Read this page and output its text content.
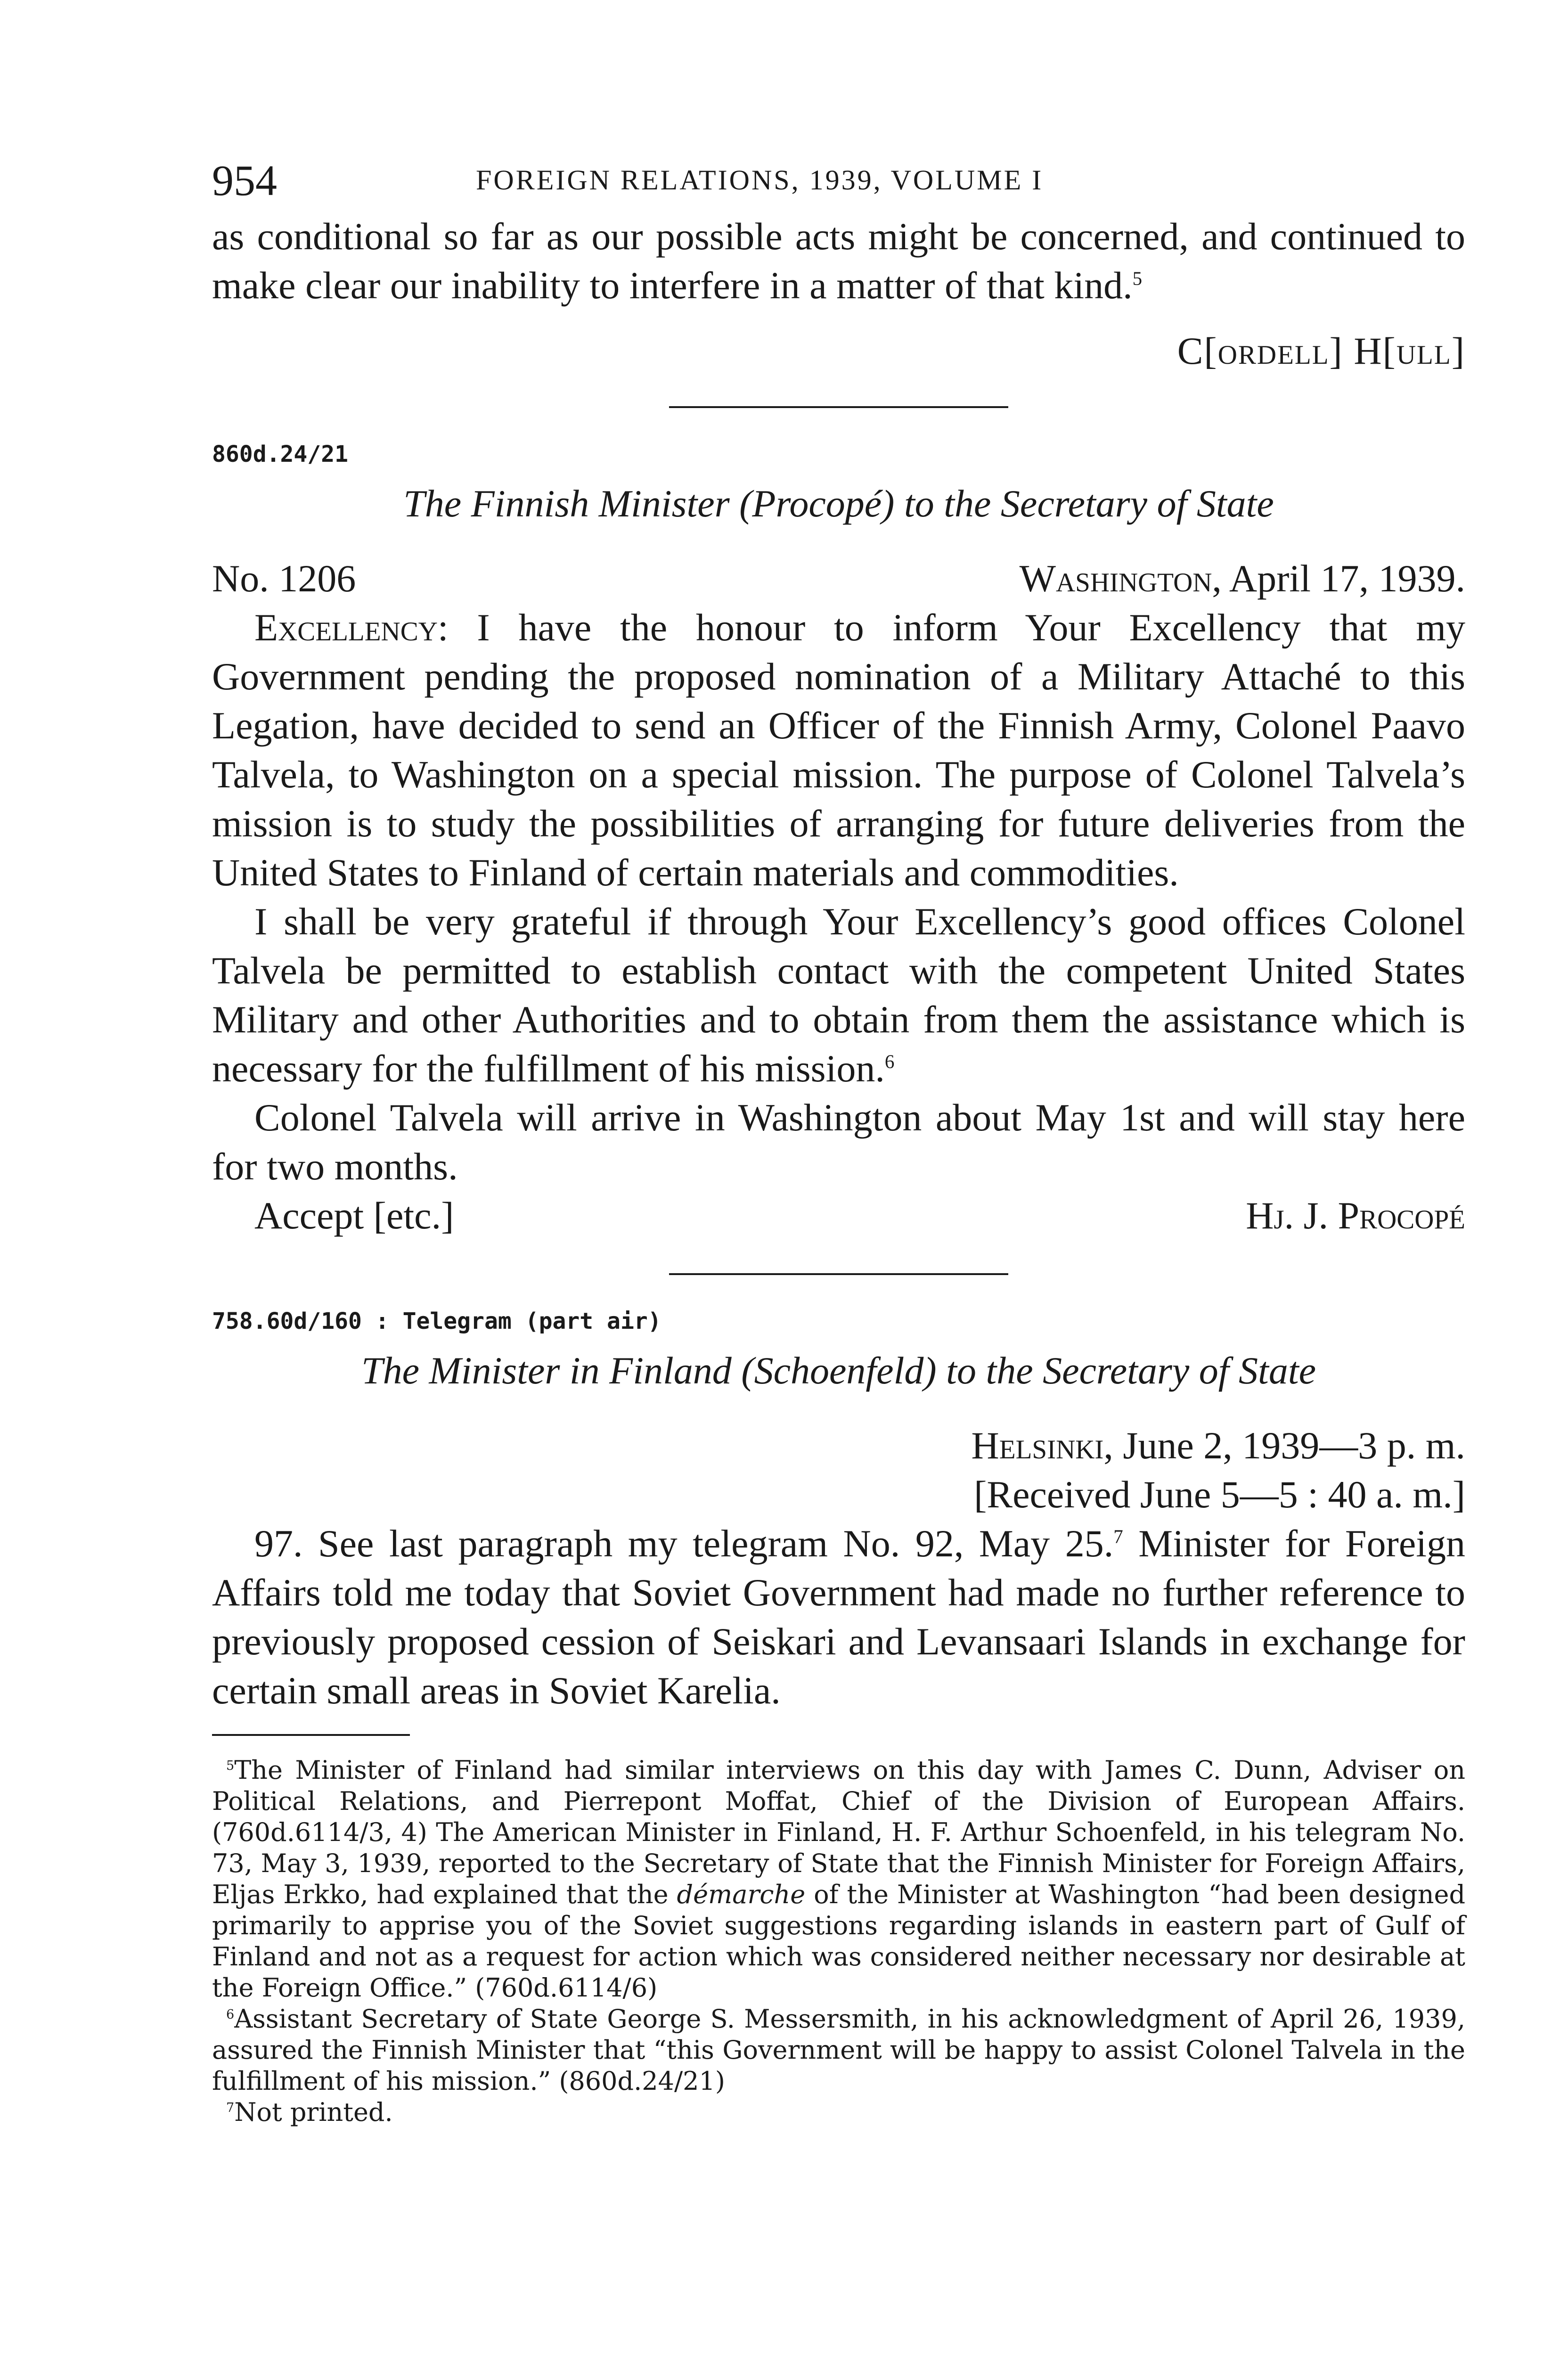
954	FOREIGN RELATIONS, 1939, VOLUME I

as conditional so far as our possible acts might be concerned, and continued to make clear our inability to interfere in a matter of that kind.$^5$

C[ordell] H[ull]

860d.24/21

The Finnish Minister (Procopé) to the Secretary of State

No. 1206	Washington, April 17, 1939.

Excellency: I have the honour to inform Your Excellency that my Government pending the proposed nomination of a Military Attaché to this Legation, have decided to send an Officer of the Finnish Army, Colonel Paavo Talvela, to Washington on a special mission. The purpose of Colonel Talvela’s mission is to study the possibilities of arranging for future deliveries from the United States to Finland of certain materials and commodities.

I shall be very grateful if through Your Excellency’s good offices Colonel Talvela be permitted to establish contact with the competent United States Military and other Authorities and to obtain from them the assistance which is necessary for the fulfillment of his mission.$^6$

Colonel Talvela will arrive in Washington about May 1st and will stay here for two months.

Accept [etc.]	Hj. J. Procopé

758.60d/160 : Telegram (part air)

The Minister in Finland (Schoenfeld) to the Secretary of State

Helsinki, June 2, 1939—3 p. m.
[Received June 5—5 : 40 a. m.]

97. See last paragraph my telegram No. 92, May 25.$^7$ Minister for Foreign Affairs told me today that Soviet Government had made no further reference to previously proposed cession of Seiskari and Levansaari Islands in exchange for certain small areas in Soviet Karelia.

$^5$The Minister of Finland had similar interviews on this day with James C. Dunn, Adviser on Political Relations, and Pierrepont Moffat, Chief of the Division of European Affairs. (760d.6114/3, 4) The American Minister in Finland, H. F. Arthur Schoenfeld, in his telegram No. 73, May 3, 1939, reported to the Secretary of State that the Finnish Minister for Foreign Affairs, Eljas Erkko, had explained that the démarche of the Minister at Washington “had been designed primarily to apprise you of the Soviet suggestions regarding islands in eastern part of Gulf of Finland and not as a request for action which was considered neither necessary nor desirable at the Foreign Office.” (760d.6114/6)

$^6$Assistant Secretary of State George S. Messersmith, in his acknowledgment of April 26, 1939, assured the Finnish Minister that “this Government will be happy to assist Colonel Talvela in the fulfillment of his mission.” (860d.24/21)

$^7$Not printed.
